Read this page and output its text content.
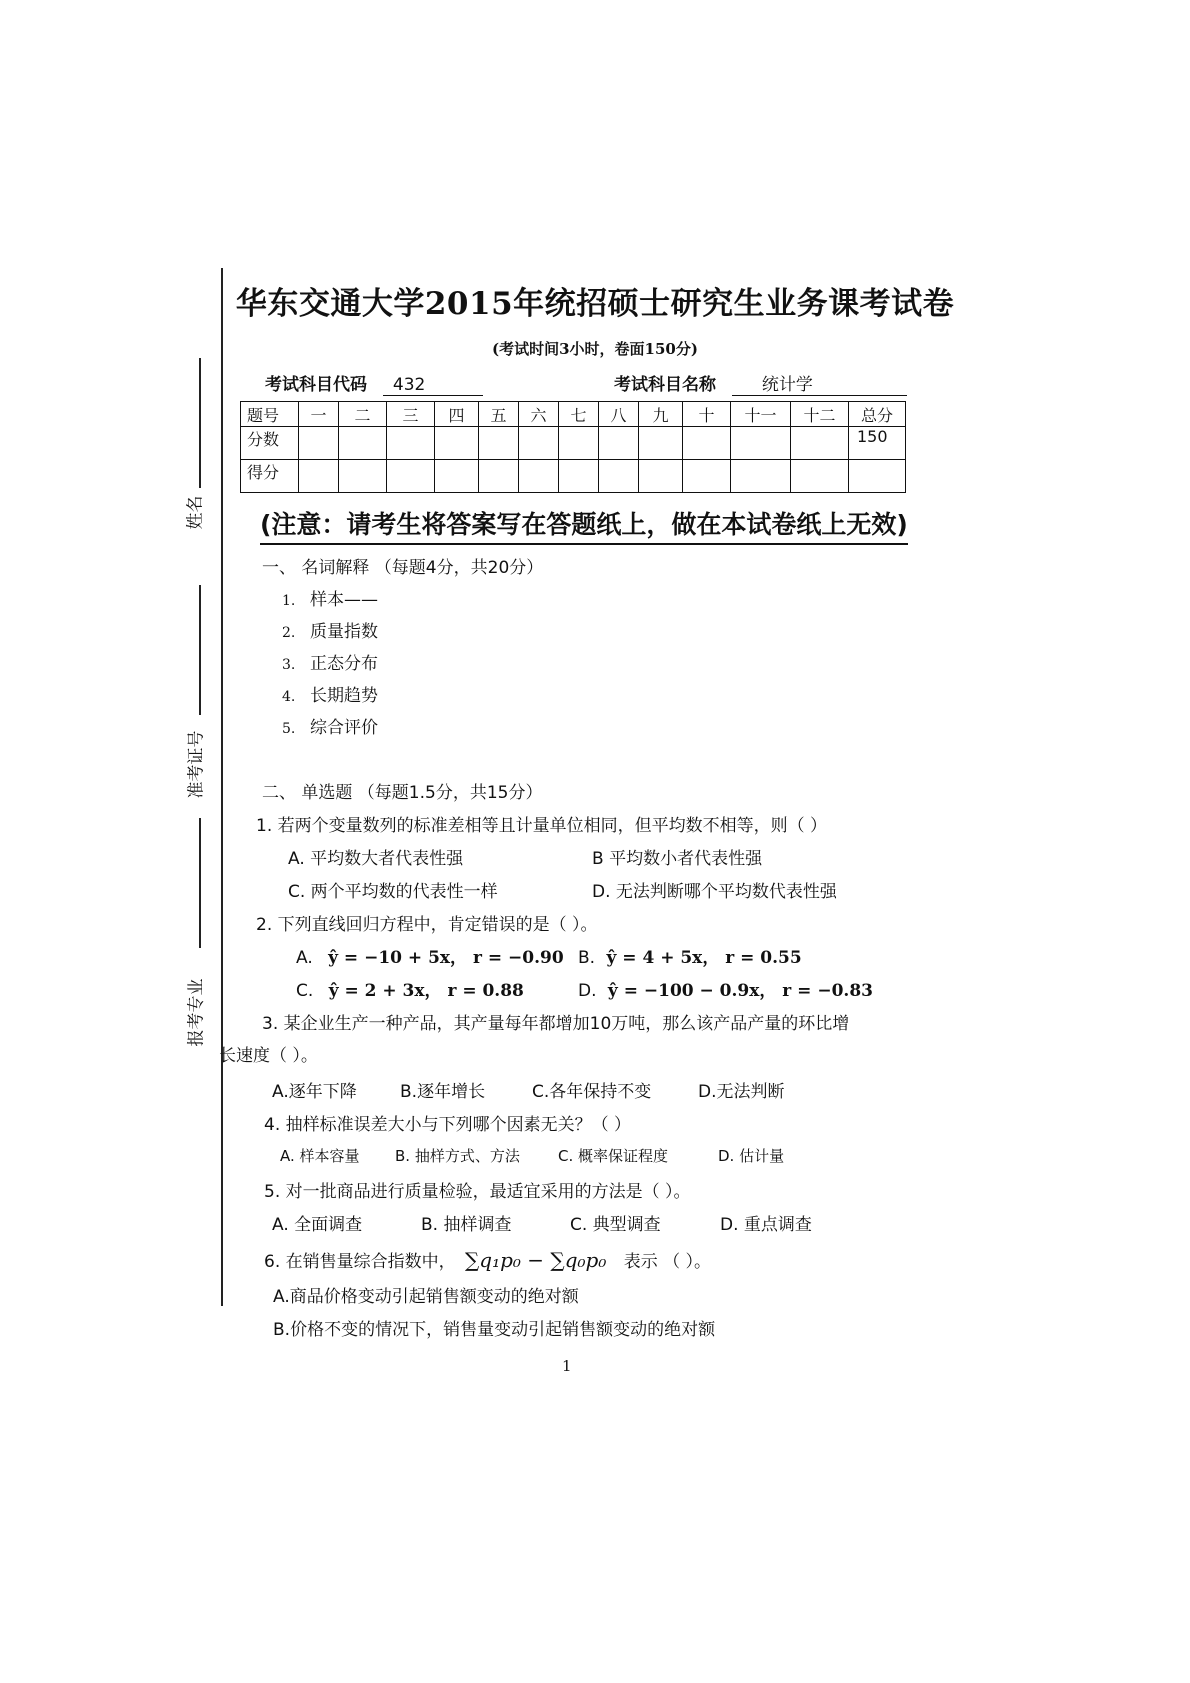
姓名
准考证号
报考专业
华东交通大学2015年统招硕士研究生业务课考试卷
(考试时间3小时，卷面150分)
考试科目代码 432	考试科目名称	统计学
题号	一	二	三	四	五	六	七	八	九	十	十一	十二	总分
分数													150
得分													
(注意：请考生将答案写在答题纸上，做在本试卷纸上无效)
一、 名词解释 （每题4分，共20分）
1. 样本——
2. 质量指数
3. 正态分布
4. 长期趋势
5. 综合评价
二、 单选题 （每题1.5分，共15分）
1. 若两个变量数列的标准差相等且计量单位相同，但平均数不相等，则（ ）
A. 平均数大者代表性强	B 平均数小者代表性强
C. 两个平均数的代表性一样	D. 无法判断哪个平均数代表性强
2. 下列直线回归方程中，肯定错误的是（ ）。
A. ŷ = −10 + 5x， r = −0.90 B. ŷ = 4 + 5x， r = 0.55
C. ŷ = 2 + 3x， r = 0.88	D. ŷ = −100 − 0.9x， r = −0.83
3. 某企业生产一种产品，其产量每年都增加10万吨，那么该产品产量的环比增
长速度（ ）。
A.逐年下降	B.逐年增长	C.各年保持不变	D.无法判断
4. 抽样标准误差大小与下列哪个因素无关？（ ）
A. 样本容量 B. 抽样方式、方法	C. 概率保证程度	D. 估计量
5. 对一批商品进行质量检验，最适宜采用的方法是（ ）。
A. 全面调查	B. 抽样调查	C. 典型调查	D. 重点调查
6. 在销售量综合指数中， ∑q₁p₀ − ∑q₀p₀ 表示 （ ）。
A.商品价格变动引起销售额变动的绝对额
B.价格不变的情况下，销售量变动引起销售额变动的绝对额
1
